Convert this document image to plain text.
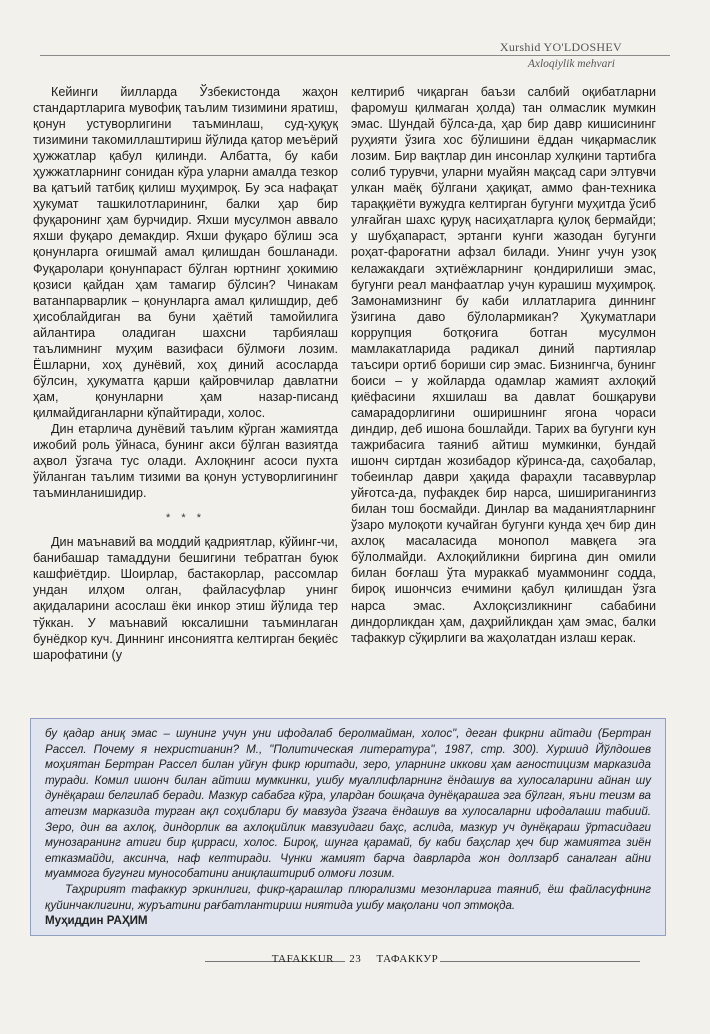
Xurshid YO'LDOSHEV
Axloqiylik mehvari

Кейинги йилларда Ўзбекистонда жаҳон стандартларига мувофиқ таълим тизимини яратиш, қонун устуворлигини таъминлаш, суд-ҳуқуқ тизимини такомиллаштириш йўлида қатор меъёрий ҳужжатлар қабул қилинди. Албатта, бу каби ҳужжатларнинг сонидан кўра уларни амалда тезкор ва қатъий татбиқ қилиш муҳимроқ. Бу эса нафақат ҳукумат ташкилотларининг, балки ҳар бир фуқаронинг ҳам бурчидир. Яхши мусулмон аввало яхши фуқаро демакдир. Яхши фуқаро бўлиш эса қонунларга оғишмай амал қилишдан бошланади. Фуқаролари қонунпараст бўлган юртнинг ҳокимию қозиси қайдан ҳам тамагир бўлсин? Чинакам ватанпарварлик – қонунларга амал қилишдир, деб ҳисоблайдиган ва буни ҳаётий тамойилига айлантира оладиган шахсни тарбиялаш таълимнинг муҳим вазифаси бўлмоғи лозим. Ёшларни, хоҳ дунёвий, хоҳ диний асосларда бўлсин, ҳукуматга қарши қайровчилар давлатни ҳам, қонунларни ҳам назар-писанд қилмайдиганларни кўпайтиради, холос.

Дин етарлича дунёвий таълим кўрган жамиятда ижобий роль ўйнаса, бунинг акси бўлган вазиятда аҳвол ўзгача тус олади. Ахлоқнинг асоси пухта ўйланган таълим тизими ва қонун устуворлигининг таъминланишидир.

* * *

Дин маънавий ва моддий қадриятлар, кўйинг-чи, банибашар тамаддуни бешигини тебратган буюк кашфиётдир. Шоирлар, бастакорлар, рассомлар ундан илҳом олган, файласуфлар унинг ақидаларини асослаш ёки инкор этиш йўлида тер тўккан. У маънавий юксалишни таъминлаган бунёдкор куч. Диннинг инсониятга келтирган беқиёс шарофатини (у

келтириб чиқарган баъзи салбий оқибатларни фаромуш қилмаган ҳолда) тан олмаслик мумкин эмас. Шундай бўлса-да, ҳар бир давр кишисининг руҳияти ўзига хос бўлишини ёддан чиқармаслик лозим. Бир вақтлар дин инсонлар хулқини тартибга солиб турувчи, уларни муайян мақсад сари элтувчи улкан маёқ бўлгани ҳақиқат, аммо фан-техника тараққиёти вужудга келтирган бугунги муҳитда ўсиб улғайган шахс қуруқ насиҳатларга қулоқ бермайди; у шубҳапараст, эртанги кунги жазодан бугунги роҳат-фароғатни афзал билади. Унинг учун узоқ келажакдаги эҳтиёжларнинг қондирилиши эмас, бугунги реал манфаатлар учун курашиш муҳимроқ. Замонамизнинг бу каби иллатларига диннинг ўзигина даво бўлолармикан? Ҳукуматлари коррупция ботқоғига ботган мусулмон мамлакатларида радикал диний партиялар таъсири ортиб бориши сир эмас. Бизнингча, бунинг боиси – у жойларда одамлар жамият ахлоқий қиёфасини яхшилаш ва давлат бошқаруви самарадорлигини оширишнинг ягона чораси диндир, деб ишона бошлайди. Тарих ва бугунги кун тажрибасига таяниб айтиш мумкинки, бундай ишонч сиртдан жозибадор кўринса-да, саҳобалар, тобеинлар даври ҳақида фараҳли тасаввурлар уйғотса-да, пуфакдек бир нарса, шишириганингиз билан тош босмайди. Динлар ва маданиятларнинг ўзаро мулоқоти кучайган бугунги кунда ҳеч бир дин ахлоқ масаласида монопол мавқега эга бўлолмайди. Ахлоқийликни биргина дин омили билан боғлаш ўта мураккаб муаммонинг содда, бироқ ишончсиз ечимини қабул қилишдан ўзга нарса эмас. Ахлоқсизликнинг сабабини диндорликдан ҳам, даҳрийликдан ҳам эмас, балки тафаккур сўқирлиги ва жаҳолатдан излаш керак.

бу қадар аниқ эмас – шунинг учун уни ифодалаб беролмайман, холос", деган фикрни айтади (Бертран Рассел. Почему я нехристианин? М., "Политическая литература", 1987, стр. 300). Хуршид Йўлдошев моҳиятан Бертран Рассел билан уйғун фикр юритади, зеро, уларнинг иккови ҳам агностицизм марказида туради. Комил ишонч билан айтиш мумкинки, ушбу муаллифларнинг ёндашув ва хулосаларини айнан шу дунёқараш белгилаб беради. Мазкур сабабга кўра, улардан бошқача дунёқарашга эга бўлган, яъни теизм ва атеизм марказида турган ақл соҳиблари бу мавзуда ўзгача ёндашув ва хулосаларни ифодалаши табиий. Зеро, дин ва ахлоқ, диндорлик ва ахлоқийлик мавзуидаги баҳс, аслида, мазкур уч дунёқараш ўртасидаги мунозаранинг атиги бир қирраси, холос. Бироқ, шунга қарамай, бу каби баҳслар ҳеч бир жамиятга зиён етказмайди, аксинча, наф келтиради. Чунки жамият барча даврларда жон доллзарб саналган айни муаммога бугунги мунособатини аниқлаштириб олмоғи лозим.

Таҳририят тафаккур эркинлиги, фикр-қарашлар плюрализми мезонларига таяниб, ёш файласуфнинг қуйинчаклигини, журъатини рағбатлантириш ниятида ушбу мақолани чоп этмоқда.

Муҳиддин РАҲИМ

TAFAKKUR 23 ТАФАККУР
